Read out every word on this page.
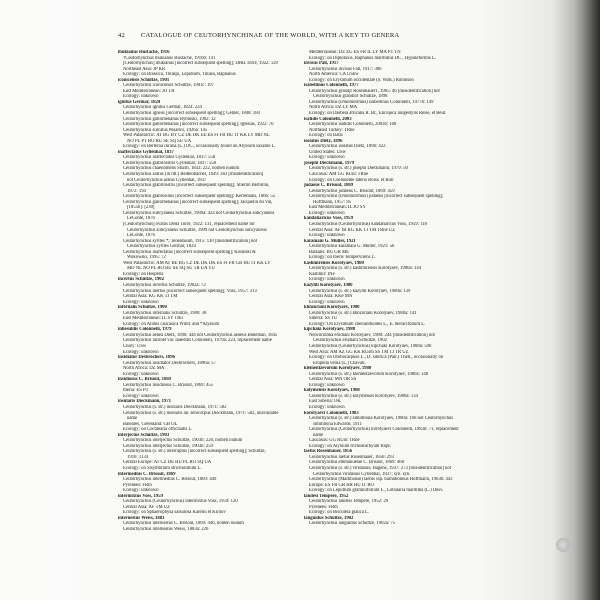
42 CATALOGUE OF CEUTORHYNCHINAE OF THE WORLD, WITH A KEY TO GENERA
ibukianus Hustache, 1916
†Ceutorhynchus ibukianus Hustache, 1916b: 141
[Ceutorhynchus] ibukianus [incorrect subsequent spelling]; Della Torre, 1922: 129
Northeast Asia: JP KR
Ecology: on Brassica, Thlaspi, Lepidium, Tillaea, Raphanus
iconicensis Schultze, 1901
Ceutorhynchus iconicensis Schultze, 1901c: 197
East Mediterranean: JO TR
Ecology: unknown
ignitus Germar, 1824
Ceutorhynchus ignitus Germar, 1824: 234
Ceutorhynchus igneus [incorrect subsequent spelling]; Gebler, 1848: 383
Ceutorhynchus gallorhenanus Rybinski, 1902: 12
Ceutorhynchus gallorhenanus [incorrect subsequent spelling]; Iglesias, 1922: 76
Ceutorhynchus sulcatus Pesarini, 1926a: 145
West Palaearctic: AT BG BY CZ DE DK EE ES FI FR HU IT KK LV MD NL
NO PL PT RO RU SE SQ SU UA
Ecology: on Berteroa incana (L.) DC., occasionally found on Alyssum saxatile L.
inaffectatus Gyllenhal, 1837
Ceutorhynchus inaffectatus Gyllenhal, 1837: 550
Ceutorhynchus glabrirostris Gyllenhal, 1837: 550
Ceutorhynchus chaenomelis Sturm, 1843: 222, nomen nudum
Ceutorhynchus aratus (in litt.) Redtenbacher, 1849: 383 [misidentification]
not Ceutorhynchus aratus Gyllenhal, 1837
Ceutorhynchus glabrirostris [incorrect subsequent spelling]; Stierlin Bertolini,
1872: 194
Ceutorhynchus glabrosulus [incorrect subsequent spelling]; Kerremans, 1866: 55
Ceutorhynchus gallorhenanus [incorrect subsequent spelling]; Jacquelin du Val,
[1855b]: [230]
Ceutorhynchus subcyaneus Schultze, 1909a: 424 not Ceutorhynchus subcyaneus
LeConte, 1876
[Ceutorhynchus] ovatus Della Torre, 1922: 131, replacement name for
Ceutorhynchus subcyaneus Schultze, 1909 not Ceutorhynchus subcyaneus
LeConte, 1876
Ceutorhynchus syrites *; Tenenbaum, 1915: 130 [misidentification] not
Ceutorhynchus syrites Germar, 1824
Ceutorhynchus inafectatus [incorrect subsequent spelling]; Kosinski &
Wokowski, 1995: 72
West Palaearctic: AM AT BE BG CZ DE DK DK ES FI FR GB HU IT KK LV
MD NL NO PL RO RU SE SQ SU TR UA YU
Ecology: on Hesperis
incertus Schultze, 1902
Ceutorhynchus incertus Schultze, 1902a: 72
Ceutorhynchus inertus [incorrect subsequent spelling]; Voss, 1957: 313
Central Asia: KG KK TJ TM
Ecology: unknown
infernalis Schultze, 1900
Ceutorhynchus infernalis Schultze, 1900: 38
East Mediterranean: IL SY TRu
Ecology: on Arabis caucasica Willd. and *Alyssum
inhesiddis Colonnelli, 1979
Ceutorhynchus aenea Dietz, 1896: 444 not Ceutorhynchus aeneus Boheman, 1845
Ceutorhynchus lacunet var. inaeddis Colonnelli, 1979a: 223, replacement name
Cnary: USw
Ecology: unknown
insidiator Desbrochers, 1896
Ceutorhynchus insidiator Desbrochers, 1896a: 57
North Africa: DZ MA
Ecology: unknown
insidiosus C. Brisout, 1869
Ceutorhynchus insidiosus C. Brisout, 1869: 455
Iberia: ES PT
Ecology: unknown
insularis Dieckmann, 1971
Ceutorhynchus (s. str.) insularis Dieckmann, 1971: 582
Ceutorhynchus (s. str.) insularis ab. senicorpus Dieckmann, 1971: 582, unavailable
name
Baleares, Greenland: GB OL
Ecology: on Cochlearia officinalis L.
interjectus Schultze, 1903
Ceutorhynchus interjectus Schultze, 1903b: 220, nomen nudum
Ceutorhynchus interjectus Schultze, 1903b: 259
Ceutorhynchus (s. str.) interruptus [incorrect subsequent spelling]; Schultze,
1916: 1134
Central Europe: AT CZ DE HU PL RO SQ UA
Ecology: on Sisymbrium strictissimum L.
intermedius C. Brisout, 1869
Ceutorhynchus intermedius C. Brisout, 1869: 449
Pyrenees: FRm
Ecology: unknown
intermixtus Voss, 1959
Ceutorhynchus (Ceutorhynchus) intermixtus Voss, 1959: 120
Central Asia: AF TM UZ
Ecology: on Sphaerophysa salsulosa Kareliu et Kirilov
internestus Weiss, 1883
Ceutorhynchus internestus C. Brisout, 1869: 446, nomen nudum
Ceutorhynchus internestus Weiss, 1883a: 226
Mediterranean: DZ EG ES FR IL LY MA PT TN
Ecology: on Diplotaxis, Raphanus maritimus DC., Hypoleformis L.
invisus Pall, 1917
Ceutorhynchus invisus Fall, 1917: 386
North America: CA USnw
Ecology: on Erysimum occidentale (S. Wats.) Robinson
isabellinus Colonnelli, 1977
Ceutorhynchus grandjr Rosenhauer1, 1965: 46 [misidentification] not
Ceutorhynchus grandior Schultze, 1898
Ceutorhynchus (Dinomorimus) isabellinus Colonnelli, 1977b: 149
North Africa: DZ LY MA
Ecology: on Dasbeia africana R. Br., Enciqoca longestylis Reise, et Reut.
isatidis Colonnelli, 2003
Ceutorhynchus isatidis Colonnelli, 2003b: 168
Northeast Turkey: TRne
Ecology: on Isatis
isolatus Dietz, 1896
Ceutorhynchus isolatus Dietz, 1896: 422
United States: USw
Ecology: unknown
josephi Dieckmann, 1979
Ceutorhynchus (s. str.) josephi Dieckmann, 1979: 50
Caucasus: AM GG RUnc TRne
Ecology: on Coeloneme lateris Boiss. et Bull
judaeus C. Brisout, 1869
Ceutorhynchus judaeus C. Brisout, 1869: 459
Ceutorhynchus (Dinomorimus) judaeus [incorrect subsequent spelling];
Hoffmann, 1957: 85
East Mediterranean: IL JO SY
Ecology: unknown
kandaharicus Voss, 1959
Ceutorhynchus (Ceutorhynchus) kandaharicus Voss, 1959: 118
Central Asia: AF IR KG KK TJ TM TRne UZ
Ecology: unknown
karamani G. Müller, 1921
Ceutorhynchus karamani G. Müller, 1921: 56
Balkans: BG GR ME
Ecology: on Iberis Tempervirens L.
kashmirensis Korotyaev, 1980
Ceutorhynchus (s. str.) kashmirensis Korotyaev, 1980a: 144
Kashmir: INe
Ecology: unknown
kazyhti Korotyaev, 1980
Ceutorhynchus (s. str.) kazyhti Korotyaev, 1980a: 139
Central Asia: KKe MN
Ecology: unknown
khnzoriani Korotyaev, 1980
Ceutorhynchus (s. str.) khnzoriani Korotyaev, 1980a: 141
Siberia: SS TU
Ecology: On Erysimum cheiranthoides L., E. hieracifolium L.
kipchaki Korotyaev, 1988
Neocorinnha erudiani Korotyaev, 1980: 244 [misidentification] not
Ceutorhynchus erudiani Schultze, 1902
Ceutorhynchus (Ceutorhynchus) kipchaki Korotyaev, 1988a: 500
West Asia: AM AZ GG KK RUsm SS TM TJ TR UZ
Ecology: on Orobocarpuso L., D. sibirica (Pall.) Thell., occasionally on
Eruplela verna (L.) Chavall.
klementzevorum Korotyaev, 1980
Ceutorhynchus (s. str.) klementzevorum Korotyaev, 1980a: 148
Central Asia: MN OR SS
Ecology: unknown
kolymensis Korotyaev, 1980
Ceutorhynchus (s. str.) kolymensis Korotyaev, 1980a: 134
East Siberia: OK
Ecology: unknown
korotyaevi Colonnelli, 1983
Ceutorhynchus (s. str.) similibona Korotyaev, 1980a: 166 not Ceutorhynchus
similibona Edwards, 1911
Ceutorhynchus (Ceutorhynchus) korotyaevi Colonnelli, 1983b: 71, replacement
name
Caucasus: GG RUnc TRne
Ecology: on Alyssum trichostachyum Rupr.
laetus Rosenhauer, 1856
Ceutorhynchus laetus Rosenhauer, 1856: 293
Ceutorhynchus emmanuelae C. Brisout, 1869: 468
Ceutorhynchus (s. str.) viridanus; Hagens, 1937: 273 [misidentification] not
Ceutorhynchus viridanus Gyllenhal, 1837; syn. syn.
Ceutorhynchus (Markhouse) laetus ssp. barnobonnus Hoffmann, 1963b: 443
Europe: ES FR GR HR HU IT RO
Ecology: on Lepidium graminifolium L., Lobularia maritima (L.) Desv.
landesi Tempère, 1952
Ceutorhynchus landesi Tempère, 1952: 29
Pyrenees: FRm
Ecology: on Biscutela glauca L.
languidus Schultze, 1902
Ceutorhynchus languidus Schultze, 1902a: 75
